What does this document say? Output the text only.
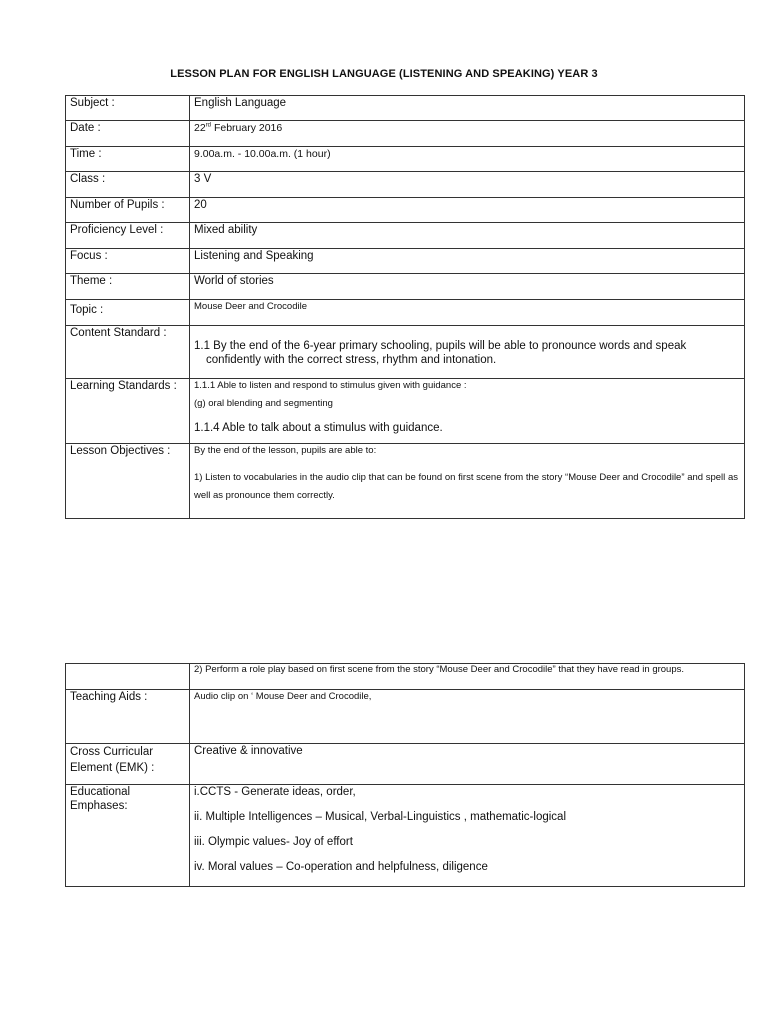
LESSON PLAN FOR ENGLISH LANGUAGE (LISTENING AND SPEAKING) YEAR 3
Subject :	English Language
Date :	22rd February 2016
Time :	9.00a.m. - 10.00a.m. (1 hour)
Class :	3 V
Number of Pupils :	20
Proficiency Level :	Mixed ability
Focus :	Listening and Speaking
Theme :	World of stories
Topic :	Mouse Deer and Crocodile
Content Standard :	1.1 By the end of the 6-year primary schooling, pupils will be able to pronounce words and speak confidently with the correct stress, rhythm and intonation.
Learning Standards :	1.1.1 Able to listen and respond to stimulus given with guidance :

(g) oral blending and segmenting

1.1.4 Able to talk about a stimulus with guidance.

Lesson Objectives :	By the end of the lesson, pupils are able to:

1) Listen to vocabularies in the audio clip that can be found on first scene from the story “Mouse Deer and Crocodile” and spell as well as pronounce them correctly.

	2) Perform a role play based on first scene from the story “Mouse Deer and Crocodile” that they have read in groups.
Teaching Aids :	Audio clip on ‘ Mouse Deer and Crocodile,
Cross Curricular Element (EMK) :	Creative & innovative
Educational Emphases:	i.CCTS - Generate ideas, order,

ii. Multiple Intelligences – Musical, Verbal-Linguistics , mathematic-logical

iii. Olympic values- Joy of effort

iv. Moral values – Co-operation and helpfulness, diligence
